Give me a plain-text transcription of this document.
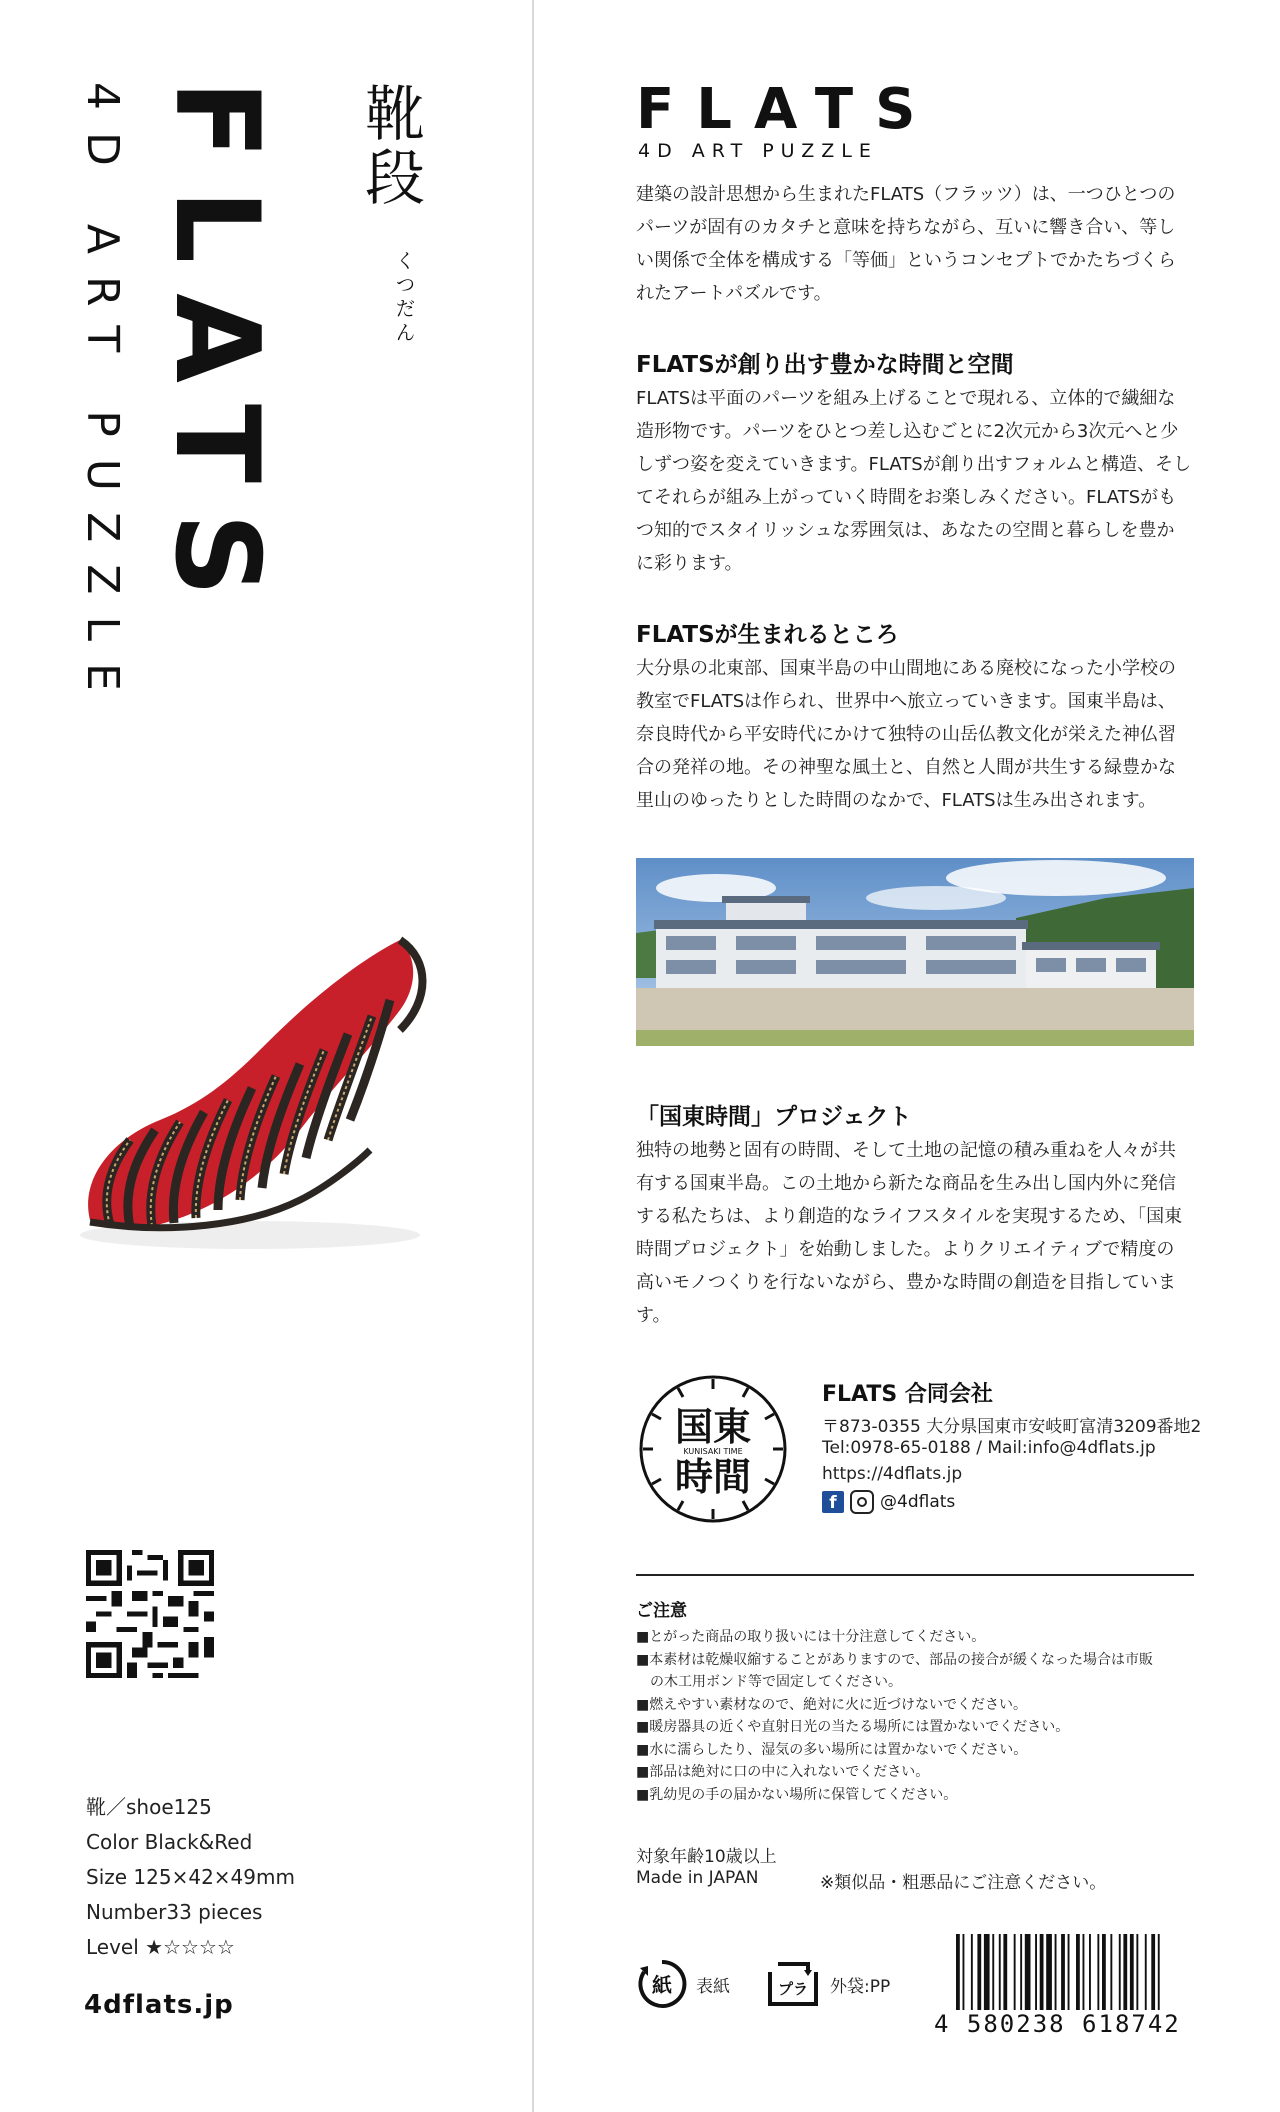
FLATS
4D ART PUZZLE	靴段
くつだん
靴／shoe125
Color Black&Red
Size 125×42×49mm
Number33 pieces
Level ★☆☆☆☆
4dflats.jp
FLATS
4D ART PUZZLE
建築の設計思想から生まれたFLATS（フラッツ）は、一つひとつのパーツが固有のカタチと意味を持ちながら、互いに響き合い、等しい関係で全体を構成する「等価」というコンセプトでかたちづくられたアートパズルです。
FLATSが創り出す豊かな時間と空間
FLATSは平面のパーツを組み上げることで現れる、立体的で繊細な造形物です。パーツをひとつ差し込むごとに2次元から3次元へと少しずつ姿を変えていきます。FLATSが創り出すフォルムと構造、そしてそれらが組み上がっていく時間をお楽しみください。FLATSがもつ知的でスタイリッシュな雰囲気は、あなたの空間と暮らしを豊かに彩ります。
FLATSが生まれるところ
大分県の北東部、国東半島の中山間地にある廃校になった小学校の教室でFLATSは作られ、世界中へ旅立っていきます。国東半島は、奈良時代から平安時代にかけて独特の山岳仏教文化が栄えた神仏習合の発祥の地。その神聖な風土と、自然と人間が共生する緑豊かな里山のゆったりとした時間のなかで、FLATSは生み出されます。
「国東時間」プロジェクト
独特の地勢と固有の時間、そして土地の記憶の積み重ねを人々が共有する国東半島。この土地から新たな商品を生み出し国内外に発信する私たちは、より創造的なライフスタイルを実現するため、「国東時間プロジェクト」を始動しました。よりクリエイティブで精度の高いモノつくりを行ないながら、豊かな時間の創造を目指しています。
国東
KUNISAKI TIME
時間
FLATS 合同会社
〒873-0355 大分県国東市安岐町富清3209番地2
Tel:0978-65-0188 / Mail:info@4dflats.jp
https://4dflats.jp
f	@4dflats
ご注意
■とがった商品の取り扱いには十分注意してください。
■本素材は乾燥収縮することがありますので、部品の接合が緩くなった場合は市販
　の木工用ボンド等で固定してください。
■燃えやすい素材なので、絶対に火に近づけないでください。
■暖房器具の近くや直射日光の当たる場所には置かないでください。
■水に濡らしたり、湿気の多い場所には置かないでください。
■部品は絶対に口の中に入れないでください。
■乳幼児の手の届かない場所に保管してください。
対象年齢10歳以上
Made in JAPAN	※類似品・粗悪品にご注意ください。
紙 表紙	プラ 外袋:PP
4 580238 618742
